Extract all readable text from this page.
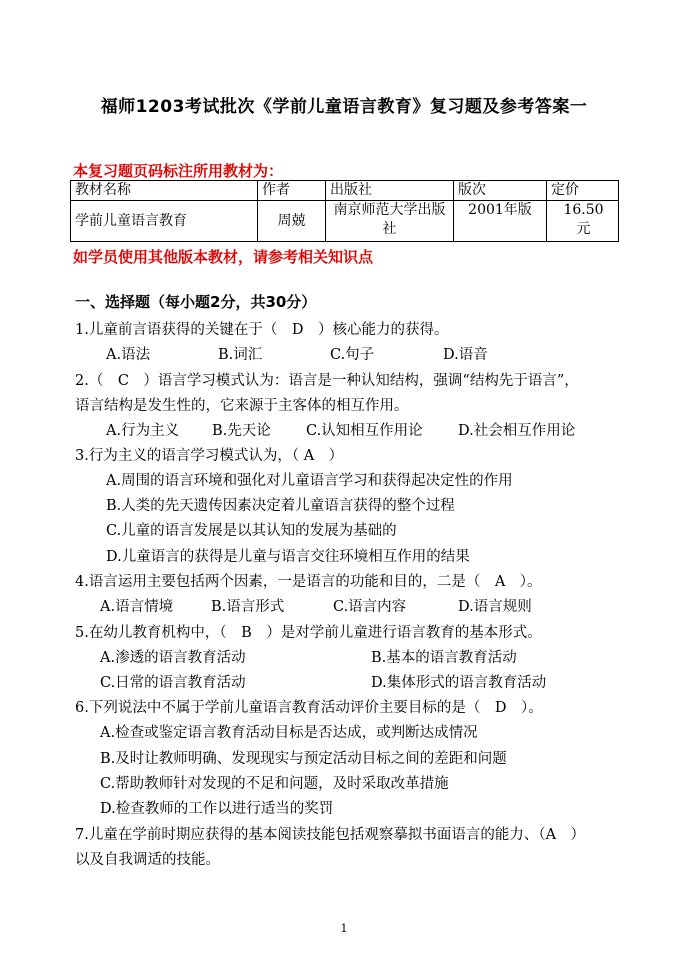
福师1203考试批次《学前儿童语言教育》复习题及参考答案一
本复习题页码标注所用教材为：
教材名称	作者	出版社	版次	定价
学前儿童语言教育	周兢	南京师范大学出版社	2001年版	16.50元
如学员使用其他版本教材，请参考相关知识点
一、选择题（每小题2分，共30分）
1.儿童前言语获得的关键在于（　D　）核心能力的获得。
A.语法	B.词汇	C.句子	D.语音
2.（　C　）语言学习模式认为：语言是一种认知结构，强调“结构先于语言”，
语言结构是发生性的，它来源于主客体的相互作用。
A.行为主义 B.先天论 C.认知相互作用论 D.社会相互作用论
3.行为主义的语言学习模式认为，（ A　）
A.周围的语言环境和强化对儿童语言学习和获得起决定性的作用
B.人类的先天遗传因素决定着儿童语言获得的整个过程
C.儿童的语言发展是以其认知的发展为基础的
D.儿童语言的获得是儿童与语言交往环境相互作用的结果
4.语言运用主要包括两个因素，一是语言的功能和目的，二是（　A　）。
A.语言情境	B.语言形式	C.语言内容	D.语言规则
5.在幼儿教育机构中，（　B　）是对学前儿童进行语言教育的基本形式。
A.渗透的语言教育活动	B.基本的语言教育活动
C.日常的语言教育活动	D.集体形式的语言教育活动
6.下列说法中不属于学前儿童语言教育活动评价主要目标的是（　D　）。
A.检查或鉴定语言教育活动目标是否达成，或判断达成情况
B.及时让教师明确、发现现实与预定活动目标之间的差距和问题
C.帮助教师针对发现的不足和问题，及时采取改革措施
D.检查教师的工作以进行适当的奖罚
7.儿童在学前时期应获得的基本阅读技能包括观察摹拟书面语言的能力、（A　）
以及自我调适的技能。
1
